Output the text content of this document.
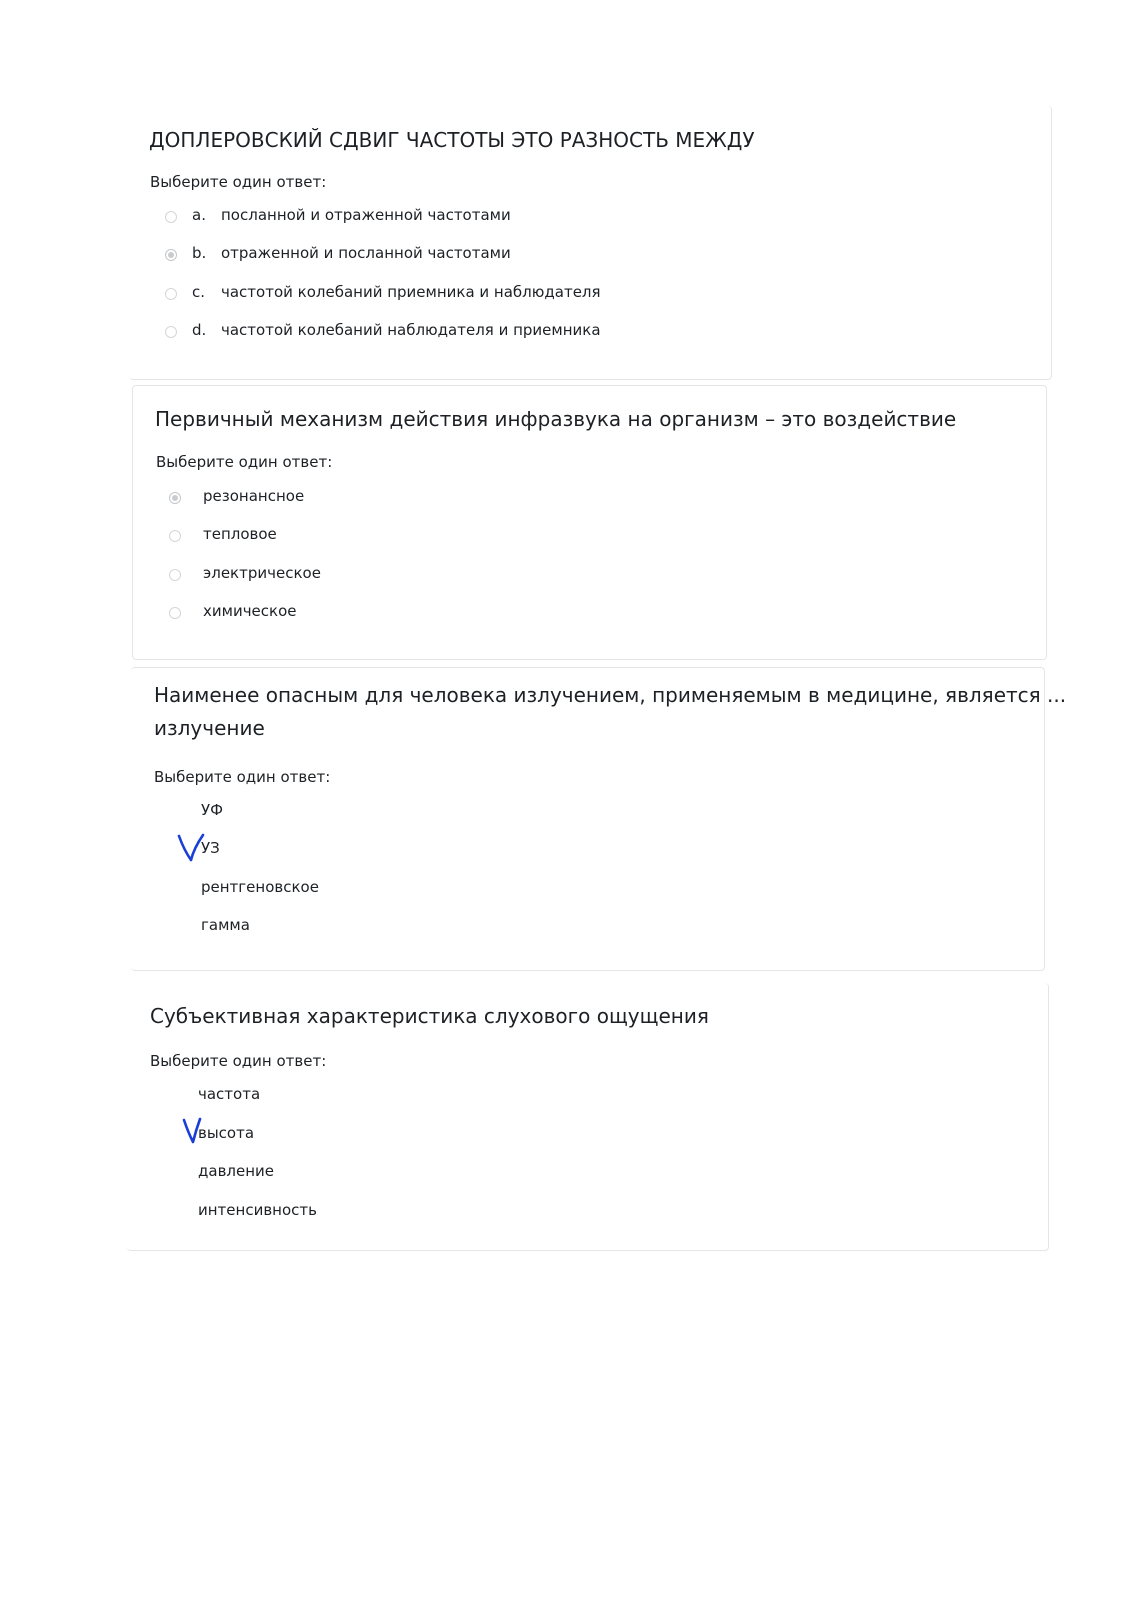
ДОПЛЕРОВСКИЙ СДВИГ ЧАСТОТЫ ЭТО РАЗНОСТЬ МЕЖДУ
Выберите один ответ:
a. посланной и отраженной частотами
b. отраженной и посланной частотами
c. частотой колебаний приемника и наблюдателя
d. частотой колебаний наблюдателя и приемника
Первичный механизм действия инфразвука на организм – это воздействие
Выберите один ответ:
резонансное
тепловое
электрическое
химическое
Наименее опасным для человека излучением, применяемым в медицине, является ...
излучение
Выберите один ответ:
УФ
УЗ
рентгеновское
гамма
Субъективная характеристика слухового ощущения
Выберите один ответ:
частота
высота
давление
интенсивность
